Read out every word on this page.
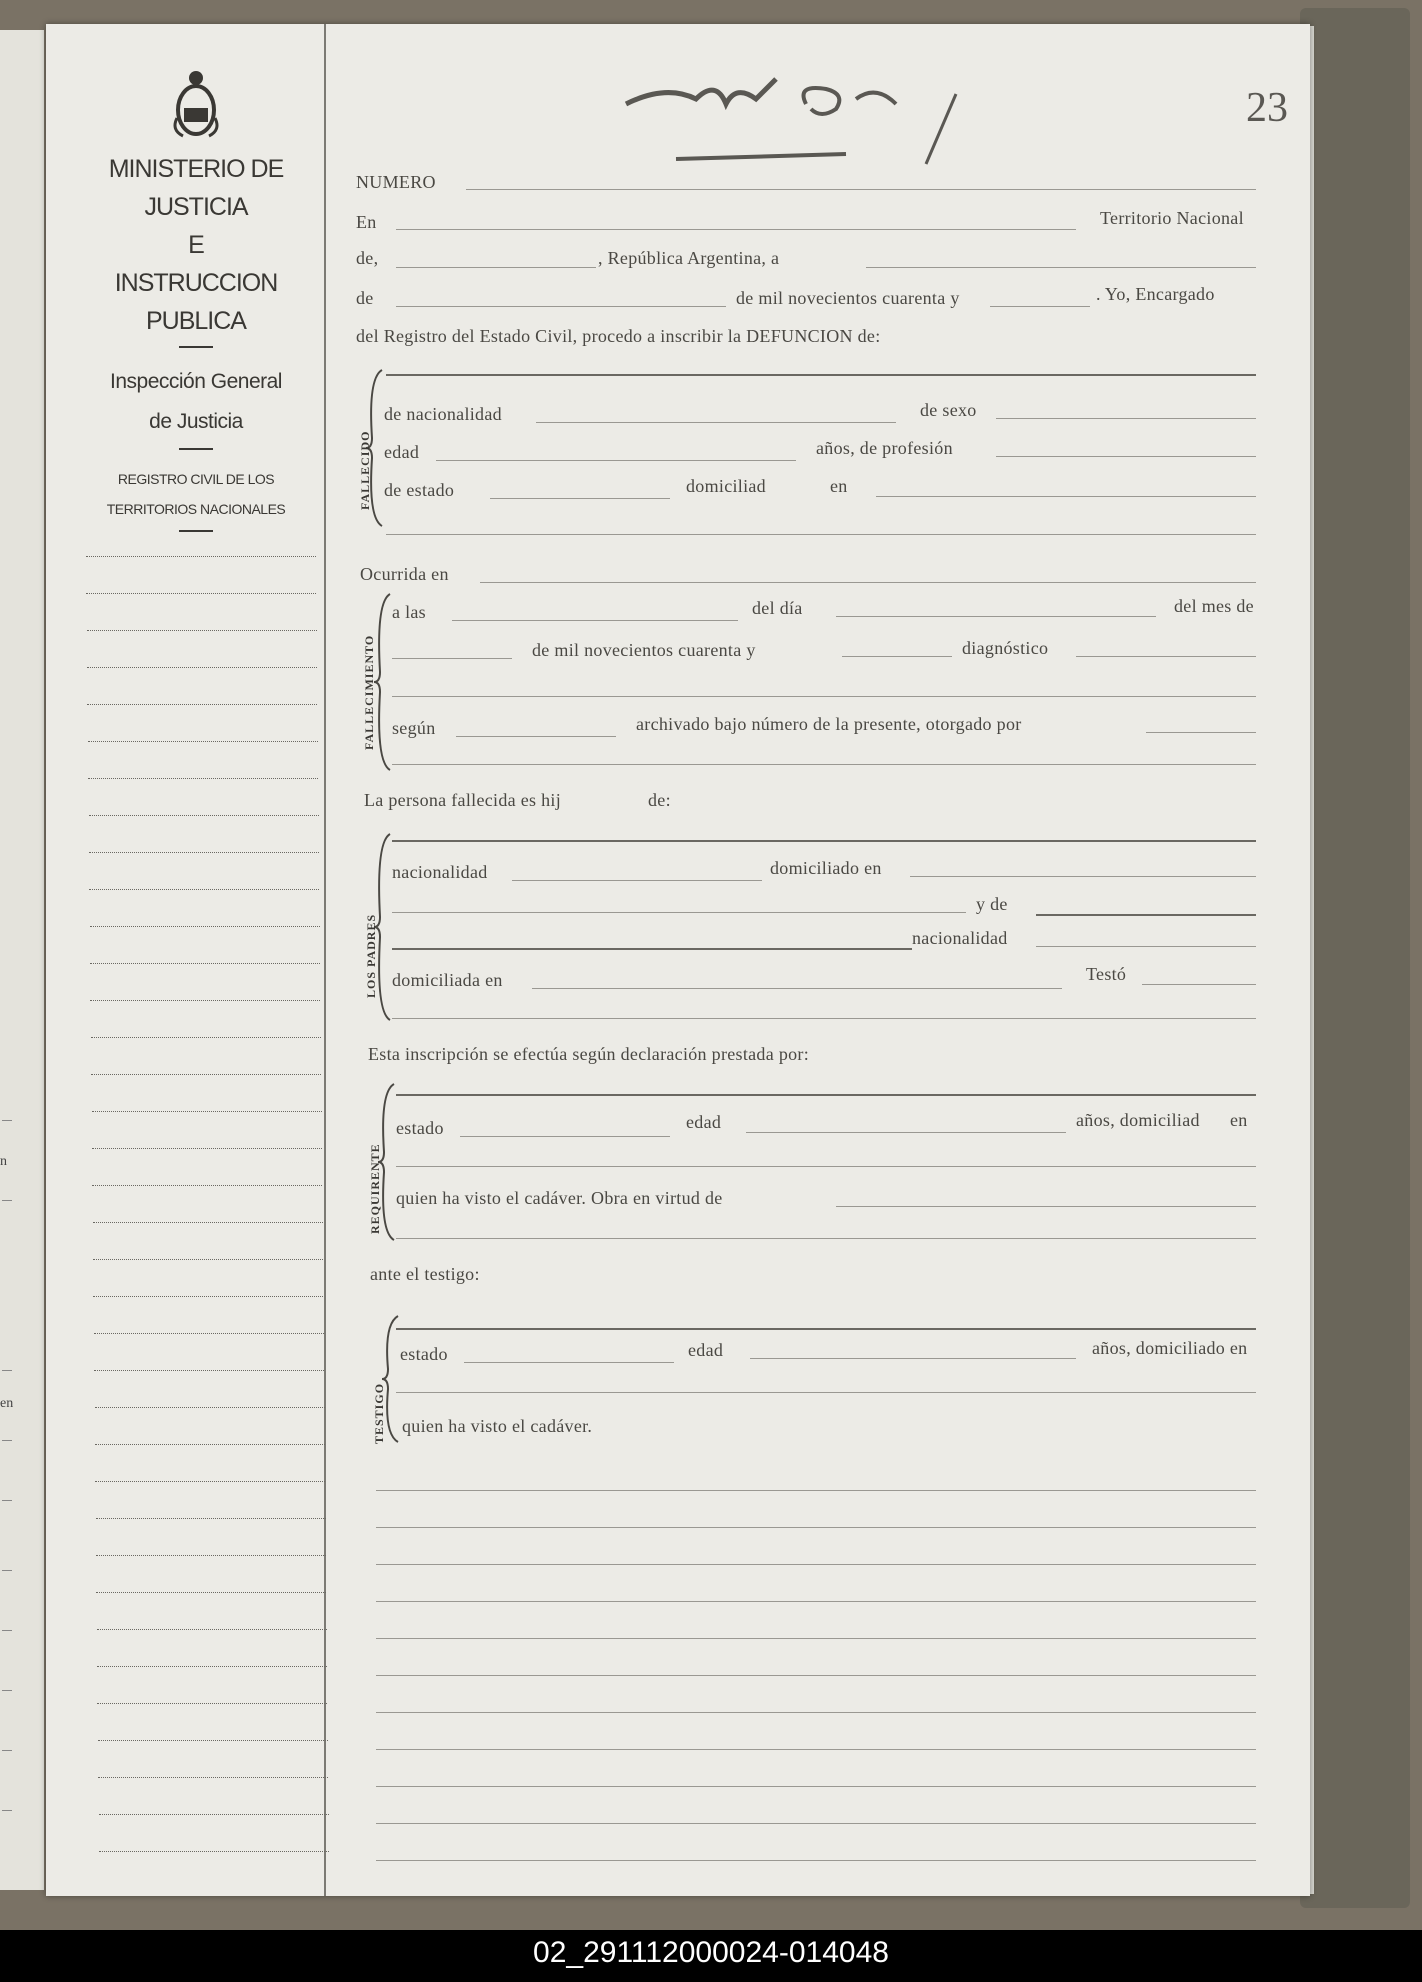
n
en
MINISTERIO DE JUSTICIA
E
INSTRUCCION PUBLICA
Inspección General
de Justicia
REGISTRO CIVIL DE LOS
TERRITORIOS NACIONALES
23
NUMERO
En	Territorio Nacional
de,	, República Argentina, a
de	de mil novecientos cuarenta y	. Yo, Encargado
del Registro del Estado Civil, procedo a inscribir la DEFUNCION de:
FALLECIDO
de nacionalidad	de sexo
edad	años, de profesión
de estado	domiciliad	en
Ocurrida en
FALLECIMIENTO
a las	del día	del mes de
de mil novecientos cuarenta y	diagnóstico
según	archivado bajo número de la presente, otorgado por
La persona fallecida es hij	de:
LOS PADRES
nacionalidad	domiciliado en
y de
nacionalidad
domiciliada en	Testó
Esta inscripción se efectúa según declaración prestada por:
REQUIRENTE
estado	edad	años, domiciliad en
quien ha visto el cadáver. Obra en virtud de
ante el testigo:
TESTIGO
estado	edad	años, domiciliado en
quien ha visto el cadáver.
02_291112000024-014048
